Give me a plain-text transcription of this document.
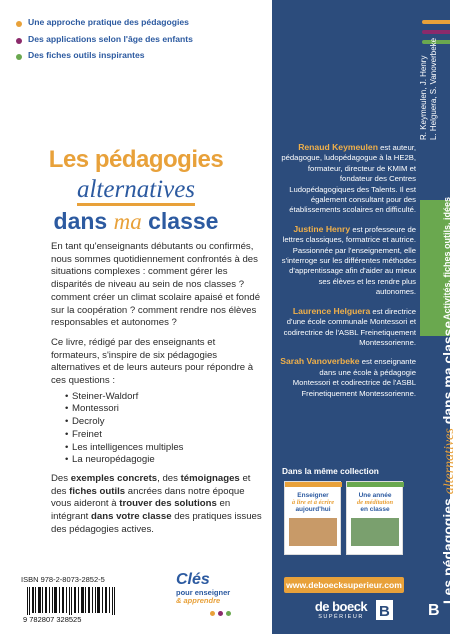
Une approche pratique des pédagogies
Des applications selon l'âge des enfants
Des fiches outils inspirantes
Les pédagogies
alternatives
dans ma classe

En tant qu'enseignants débutants ou confirmés, nous sommes quotidiennement confrontés à des situations complexes : comment gérer les disparités de niveau au sein de nos classes ? comment créer un climat scolaire apaisé et fondé sur la coopération ? comment rendre nos élèves responsables et autonomes ?

Ce livre, rédigé par des enseignants et formateurs, s'inspire de six pédagogies alternatives et de leurs auteurs pour répondre à ces questions :

• Steiner-Waldorf
• Montessori
• Decroly
• Freinet
• Les intelligences multiples
• La neuropédagogie

Des exemples concrets, des témoignages et des fiches outils ancrées dans notre époque vous aideront à trouver des solutions en intégrant dans votre classe des pratiques issues des pédagogies actives.

ISBN 978-2-8073-2852-5
9 782807 328525
Clés
pour enseigner
& apprendre
R. Keymeulen, J. Henry L. Helguera, S. Vanoverbeke
Activités, fiches outils, idées
Les pédagogies alternatives dans ma classe
Renaud Keymeulen est auteur, pédagogue, ludopédagogue à la HE2B, formateur, directeur de KMIM et fondateur des Centres Ludopédagogiques des Talents. Il est également consultant pour des établissements scolaires en difficulté.
Justine Henry est professeure de lettres classiques, formatrice et autrice. Passionnée par l'enseignement, elle s'interroge sur les différentes méthodes d'apprentissage afin d'aider au mieux ses élèves et les rendre plus autonomes.
Laurence Helguera est directrice d'une école communale Montessori et codirectrice de l'ASBL Freinetiquement Montessorienne.
Sarah Vanoverbeke est enseignante dans une école à pédagogie Montessori et codirectrice de l'ASBL Freinetiquement Montessorienne.
Dans la même collection
Enseigner
à lire et à écrire
aujourd'hui
Une année
de méditation
en classe
www.deboecksuperieur.com
de boeck
SUPÉRIEUR	B B
